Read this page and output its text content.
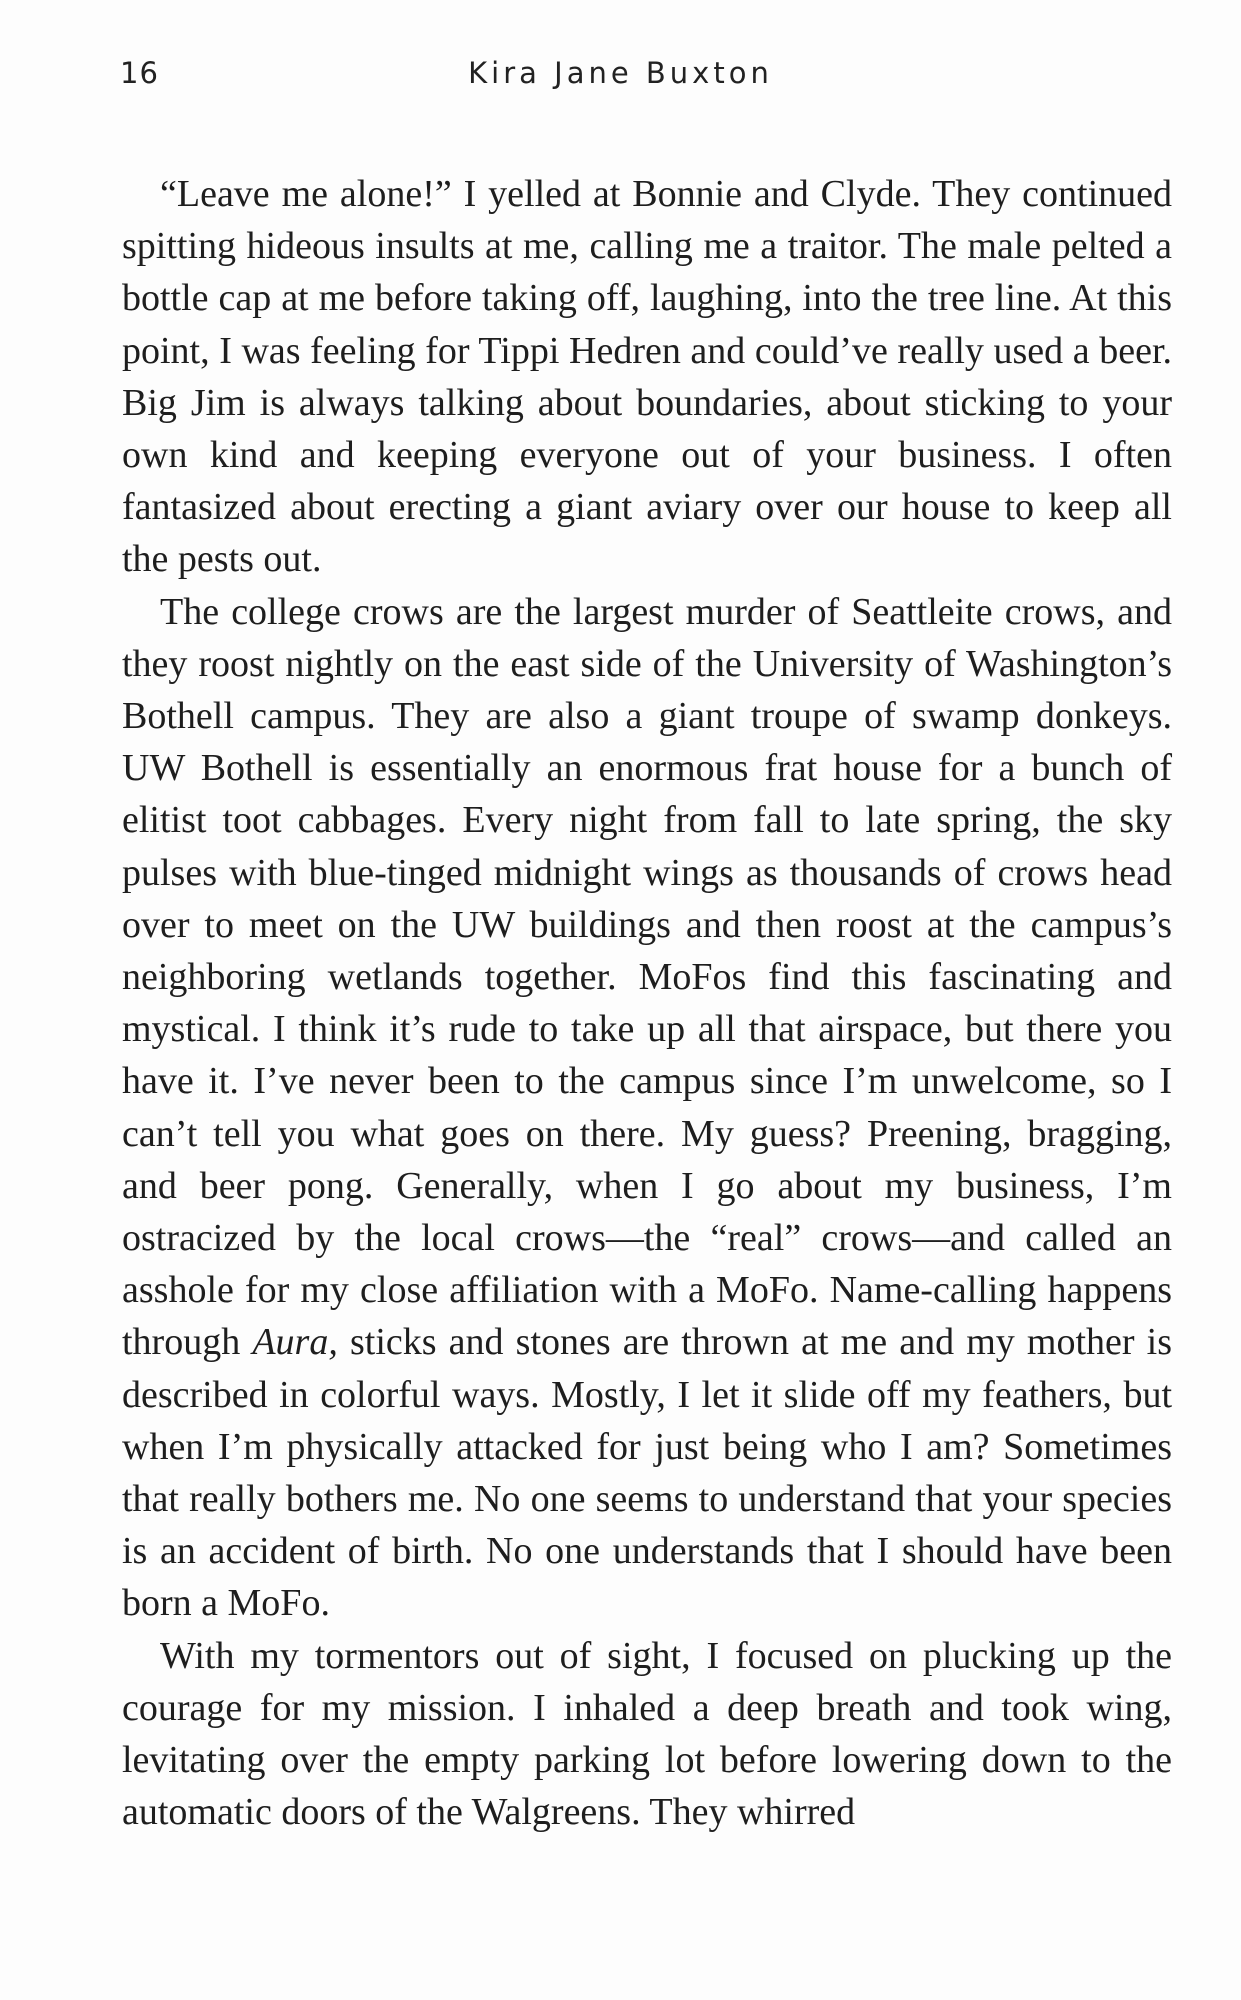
16	Kira Jane Buxton

“Leave me alone!” I yelled at Bonnie and Clyde. They continued spitting hideous insults at me, calling me a traitor. The male pelted a bottle cap at me before taking off, laughing, into the tree line. At this point, I was feeling for Tippi Hedren and could’ve really used a beer. Big Jim is always talking about boundaries, about sticking to your own kind and keeping everyone out of your business. I often fantasized about erecting a giant aviary over our house to keep all the pests out.

The college crows are the largest murder of Seattleite crows, and they roost nightly on the east side of the University of Washington’s Bothell campus. They are also a giant troupe of swamp donkeys. UW Bothell is essentially an enormous frat house for a bunch of elitist toot cabbages. Every night from fall to late spring, the sky pulses with blue-tinged midnight wings as thousands of crows head over to meet on the UW buildings and then roost at the campus’s neighboring wetlands together. MoFos find this fascinating and mystical. I think it’s rude to take up all that airspace, but there you have it. I’ve never been to the campus since I’m unwelcome, so I can’t tell you what goes on there. My guess? Preening, bragging, and beer pong. Generally, when I go about my business, I’m ostracized by the local crows—the “real” crows—and called an asshole for my close affiliation with a MoFo. Name-calling happens through Aura, sticks and stones are thrown at me and my mother is described in colorful ways. Mostly, I let it slide off my feathers, but when I’m physically attacked for just being who I am? Sometimes that really bothers me. No one seems to understand that your species is an accident of birth. No one understands that I should have been born a MoFo.

With my tormentors out of sight, I focused on plucking up the courage for my mission. I inhaled a deep breath and took wing, levitating over the empty parking lot before lowering down to the automatic doors of the Walgreens. They whirred
